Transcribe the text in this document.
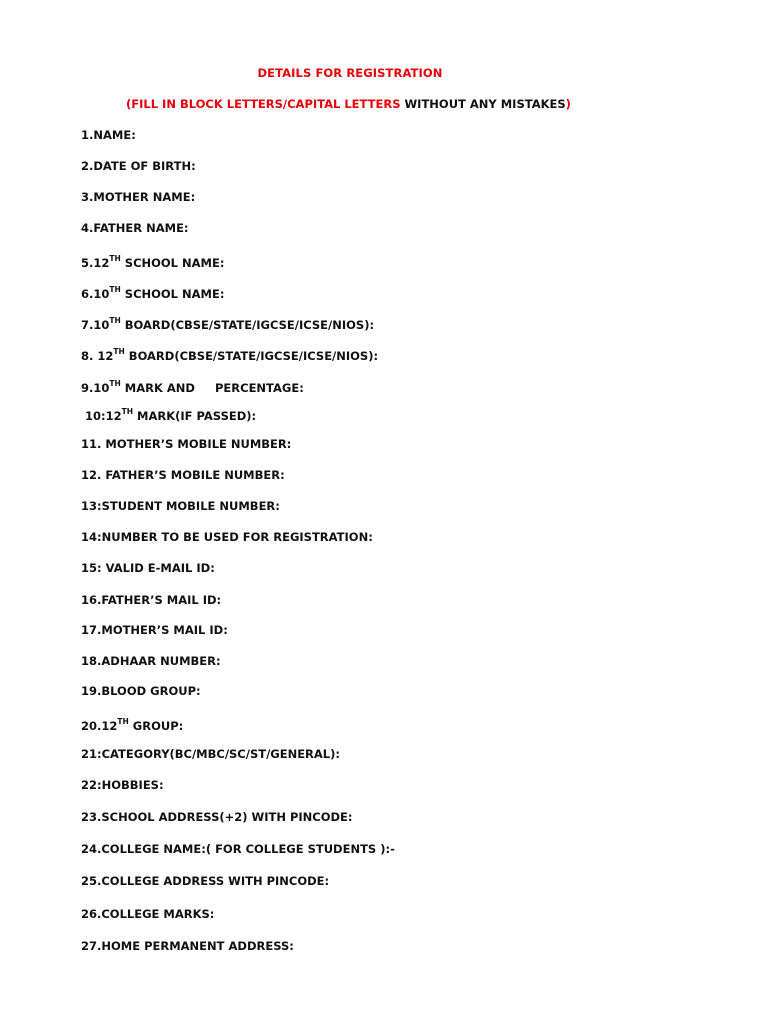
DETAILS FOR REGISTRATION
(FILL IN BLOCK LETTERS/CAPITAL LETTERS WITHOUT ANY MISTAKES)
1.NAME:
2.DATE OF BIRTH:
3.MOTHER NAME:
4.FATHER NAME:
5.12TH SCHOOL NAME:
6.10TH SCHOOL NAME:
7.10TH BOARD(CBSE/STATE/IGCSE/ICSE/NIOS):
8. 12TH BOARD(CBSE/STATE/IGCSE/ICSE/NIOS):
9.10TH MARK AND     PERCENTAGE:
10:12TH MARK(IF PASSED):
11. MOTHER’S MOBILE NUMBER:
12. FATHER’S MOBILE NUMBER:
13:STUDENT MOBILE NUMBER:
14:NUMBER TO BE USED FOR REGISTRATION:
15: VALID E-MAIL ID:
16.FATHER’S MAIL ID:
17.MOTHER’S MAIL ID:
18.ADHAAR NUMBER:
19.BLOOD GROUP:
20.12TH GROUP:
21:CATEGORY(BC/MBC/SC/ST/GENERAL):
22:HOBBIES:
23.SCHOOL ADDRESS(+2) WITH PINCODE:
24.COLLEGE NAME:( FOR COLLEGE STUDENTS ):-
25.COLLEGE ADDRESS WITH PINCODE:
26.COLLEGE MARKS:
27.HOME PERMANENT ADDRESS:
